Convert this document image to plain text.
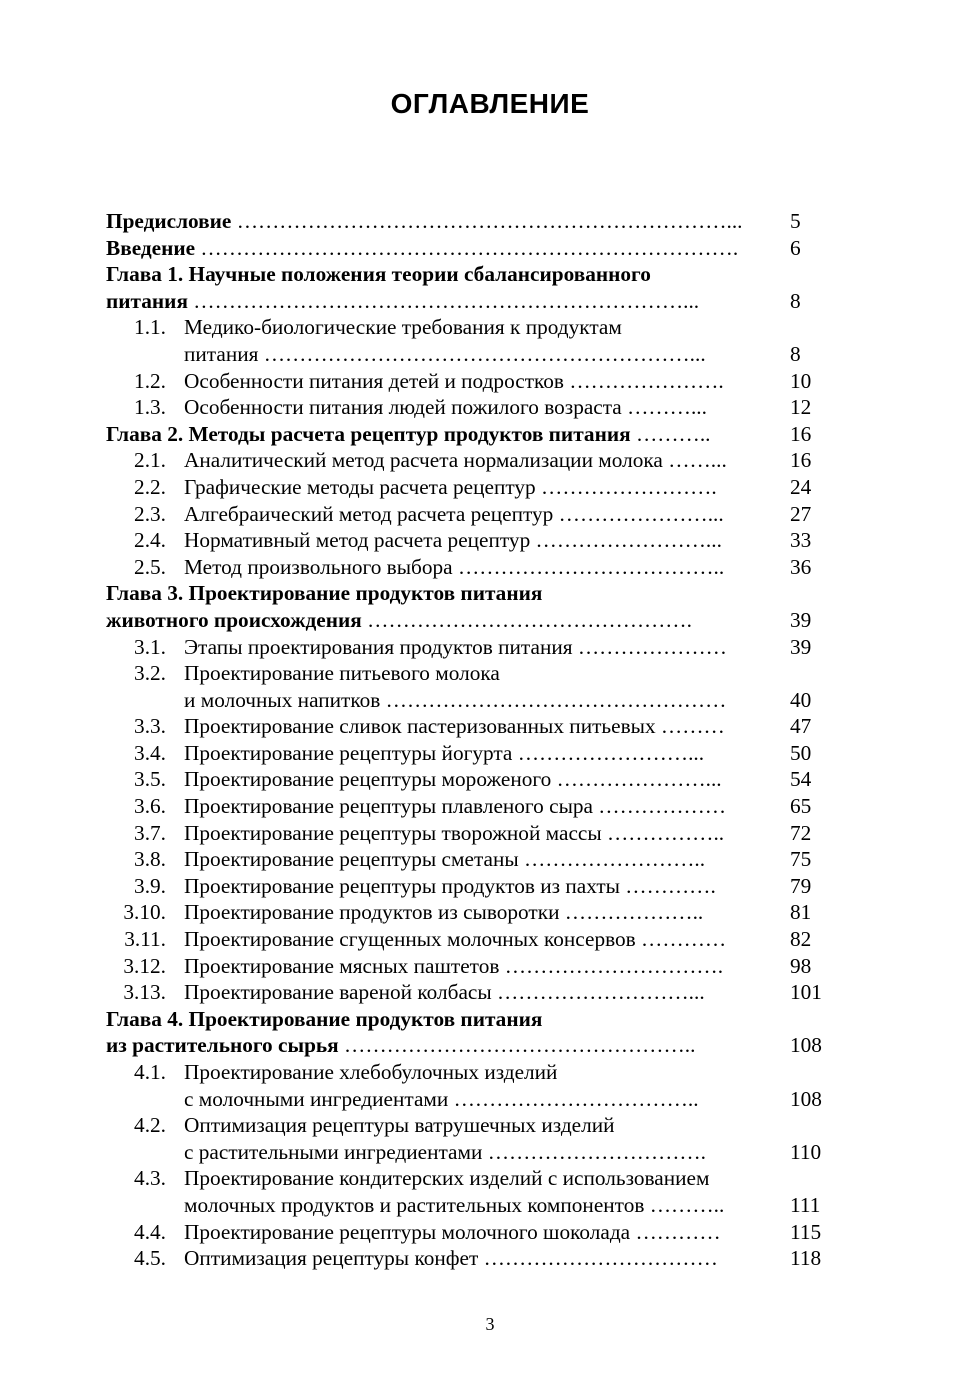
ОГЛАВЛЕНИЕ
Предисловие ……………………………………………………………... 5
Введение …………………………………………………………………. 6
Глава 1. Научные положения теории сбалансированного
питания ……………………………………………………………...	8
1.1. Медико-биологические требования к продуктам
питания ……………………………………………………...	8
1.2. Особенности питания детей и подростков ………………….	10
1.3. Особенности питания людей пожилого возраста ………...	12
Глава 2. Методы расчета рецептур продуктов питания ………..	16
2.1. Аналитический метод расчета нормализации молока ……...	16
2.2. Графические методы расчета рецептур …………………….	24
2.3. Алгебраический метод расчета рецептур …………………...	27
2.4. Нормативный метод расчета рецептур ……………………...	33
2.5. Метод произвольного выбора ………………………………..	36
Глава 3. Проектирование продуктов питания
животного происхождения ……………………………………….	39
3.1. Этапы проектирования продуктов питания …………………	39
3.2. Проектирование питьевого молока
и молочных напитков …………………………………………	40
3.3. Проектирование сливок пастеризованных питьевых ………	47
3.4. Проектирование рецептуры йогурта ……………………...	50
3.5. Проектирование рецептуры мороженого …………………...	54
3.6. Проектирование рецептуры плавленого сыра ………………	65
3.7. Проектирование рецептуры творожной массы ……………..	72
3.8. Проектирование рецептуры сметаны ……………………..	75
3.9. Проектирование рецептуры продуктов из пахты ………….	79
3.10. Проектирование продуктов из сыворотки ………………..	81
3.11. Проектирование сгущенных молочных консервов …………	82
3.12. Проектирование мясных паштетов ………………………….	98
3.13. Проектирование вареной колбасы ………………………...	101
Глава 4. Проектирование продуктов питания
из растительного сырья …………………………………………..	108
4.1. Проектирование хлебобулочных изделий
с молочными ингредиентами ……………………………..	108
4.2. Оптимизация рецептуры ватрушечных изделий
с растительными ингредиентами ………………………….	110
4.3. Проектирование кондитерских изделий с использованием
молочных продуктов и растительных компонентов ………..	111
4.4. Проектирование рецептуры молочного шоколада …………	115
4.5. Оптимизация рецептуры конфет ……………………………	118
3
